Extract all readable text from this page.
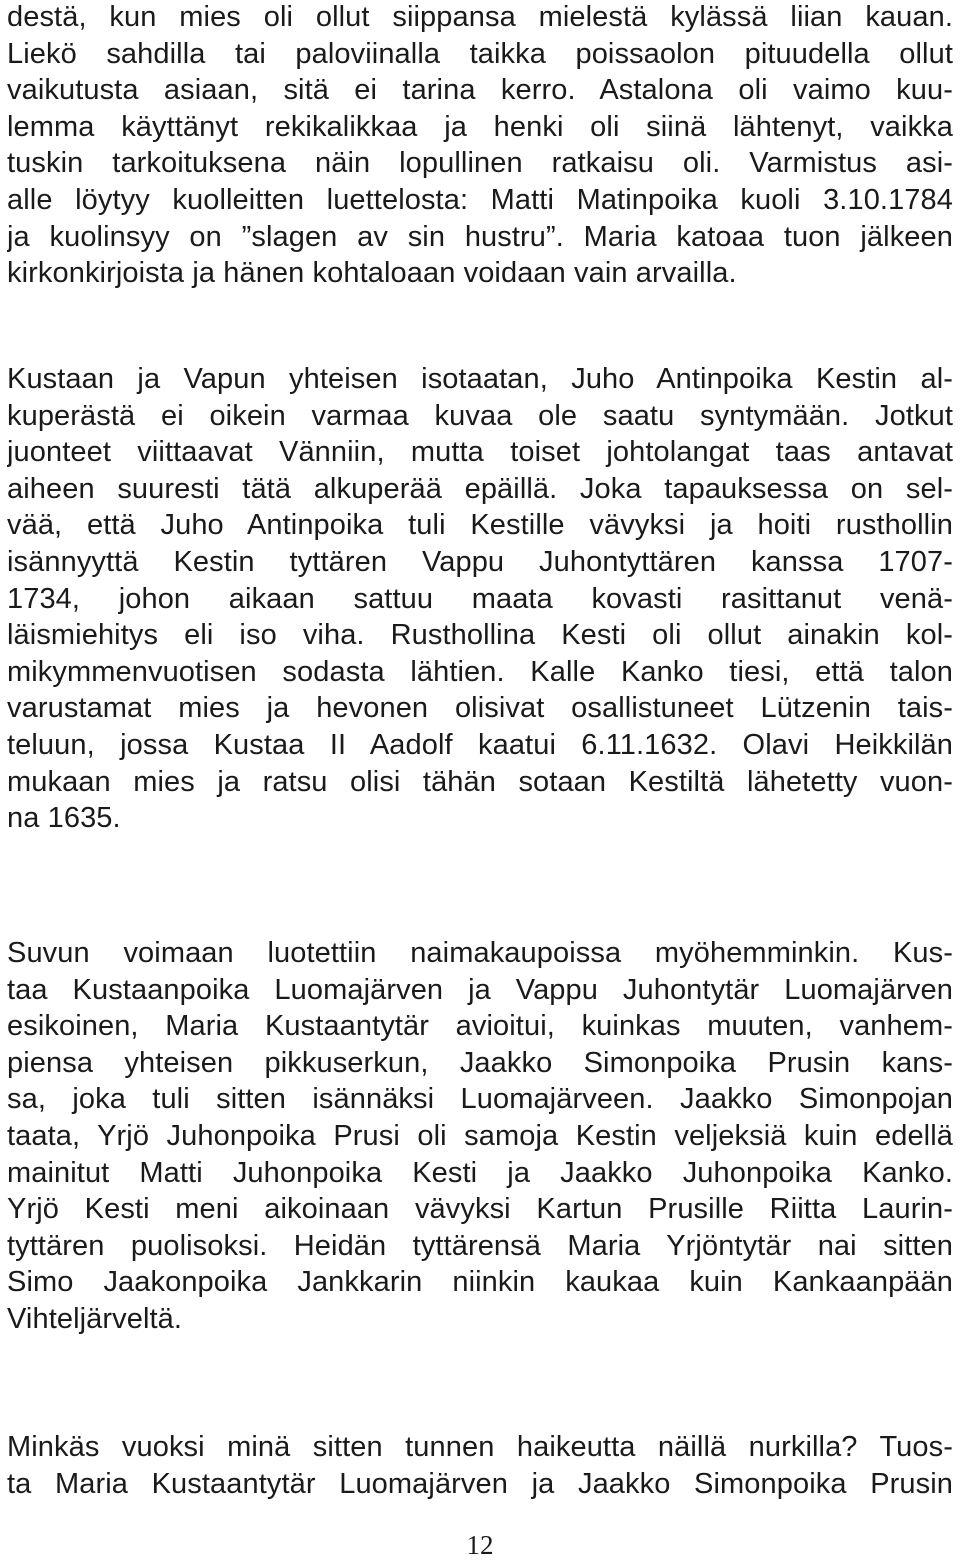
destä, kun mies oli ollut siippansa mielestä kylässä liian kauan.
Liekö sahdilla tai paloviinalla taikka poissaolon pituudella ollut
vaikutusta asiaan, sitä ei tarina kerro. Astalona oli vaimo kuu-
lemma käyttänyt rekikalikkaa ja henki oli siinä lähtenyt, vaikka
tuskin tarkoituksena näin lopullinen ratkaisu oli. Varmistus asi-
alle löytyy kuolleitten luettelosta: Matti Matinpoika kuoli 3.10.1784
ja kuolinsyy on ”slagen av sin hustru”. Maria katoaa tuon jälkeen
kirkonkirjoista ja hänen kohtaloaan voidaan vain arvailla.
Kustaan ja Vapun yhteisen isotaatan, Juho Antinpoika Kestin al-
kuperästä ei oikein varmaa kuvaa ole saatu syntymään. Jotkut
juonteet viittaavat Vänniin, mutta toiset johtolangat taas antavat
aiheen suuresti tätä alkuperää epäillä. Joka tapauksessa on sel-
vää, että Juho Antinpoika tuli Kestille vävyksi ja hoiti rusthollin
isännyyttä Kestin tyttären Vappu Juhontyttären kanssa 1707-
1734, johon aikaan sattuu maata kovasti rasittanut venä-
läismiehitys eli iso viha. Rusthollina Kesti oli ollut ainakin kol-
mikymmenvuotisen sodasta lähtien. Kalle Kanko tiesi, että talon
varustamat mies ja hevonen olisivat osallistuneet Lützenin tais-
teluun, jossa Kustaa II Aadolf kaatui 6.11.1632. Olavi Heikkilän
mukaan mies ja ratsu olisi tähän sotaan Kestiltä lähetetty vuon-
na 1635.
Suvun voimaan luotettiin naimakaupoissa myöhemminkin. Kus-
taa Kustaanpoika Luomajärven ja Vappu Juhontytär Luomajärven
esikoinen, Maria Kustaantytär avioitui, kuinkas muuten, vanhem-
piensa yhteisen pikkuserkun, Jaakko Simonpoika Prusin kans-
sa, joka tuli sitten isännäksi Luomajärveen. Jaakko Simonpojan
taata, Yrjö Juhonpoika Prusi oli samoja Kestin veljeksiä kuin edellä
mainitut Matti Juhonpoika Kesti ja Jaakko Juhonpoika Kanko.
Yrjö Kesti meni aikoinaan vävyksi Kartun Prusille Riitta Laurin-
tyttären puolisoksi. Heidän tyttärensä Maria Yrjöntytär nai sitten
Simo Jaakonpoika Jankkarin niinkin kaukaa kuin Kankaanpään
Vihteljärveltä.
Minkäs vuoksi minä sitten tunnen haikeutta näillä nurkilla? Tuos-
ta Maria Kustaantytär Luomajärven ja Jaakko Simonpoika Prusin
12
